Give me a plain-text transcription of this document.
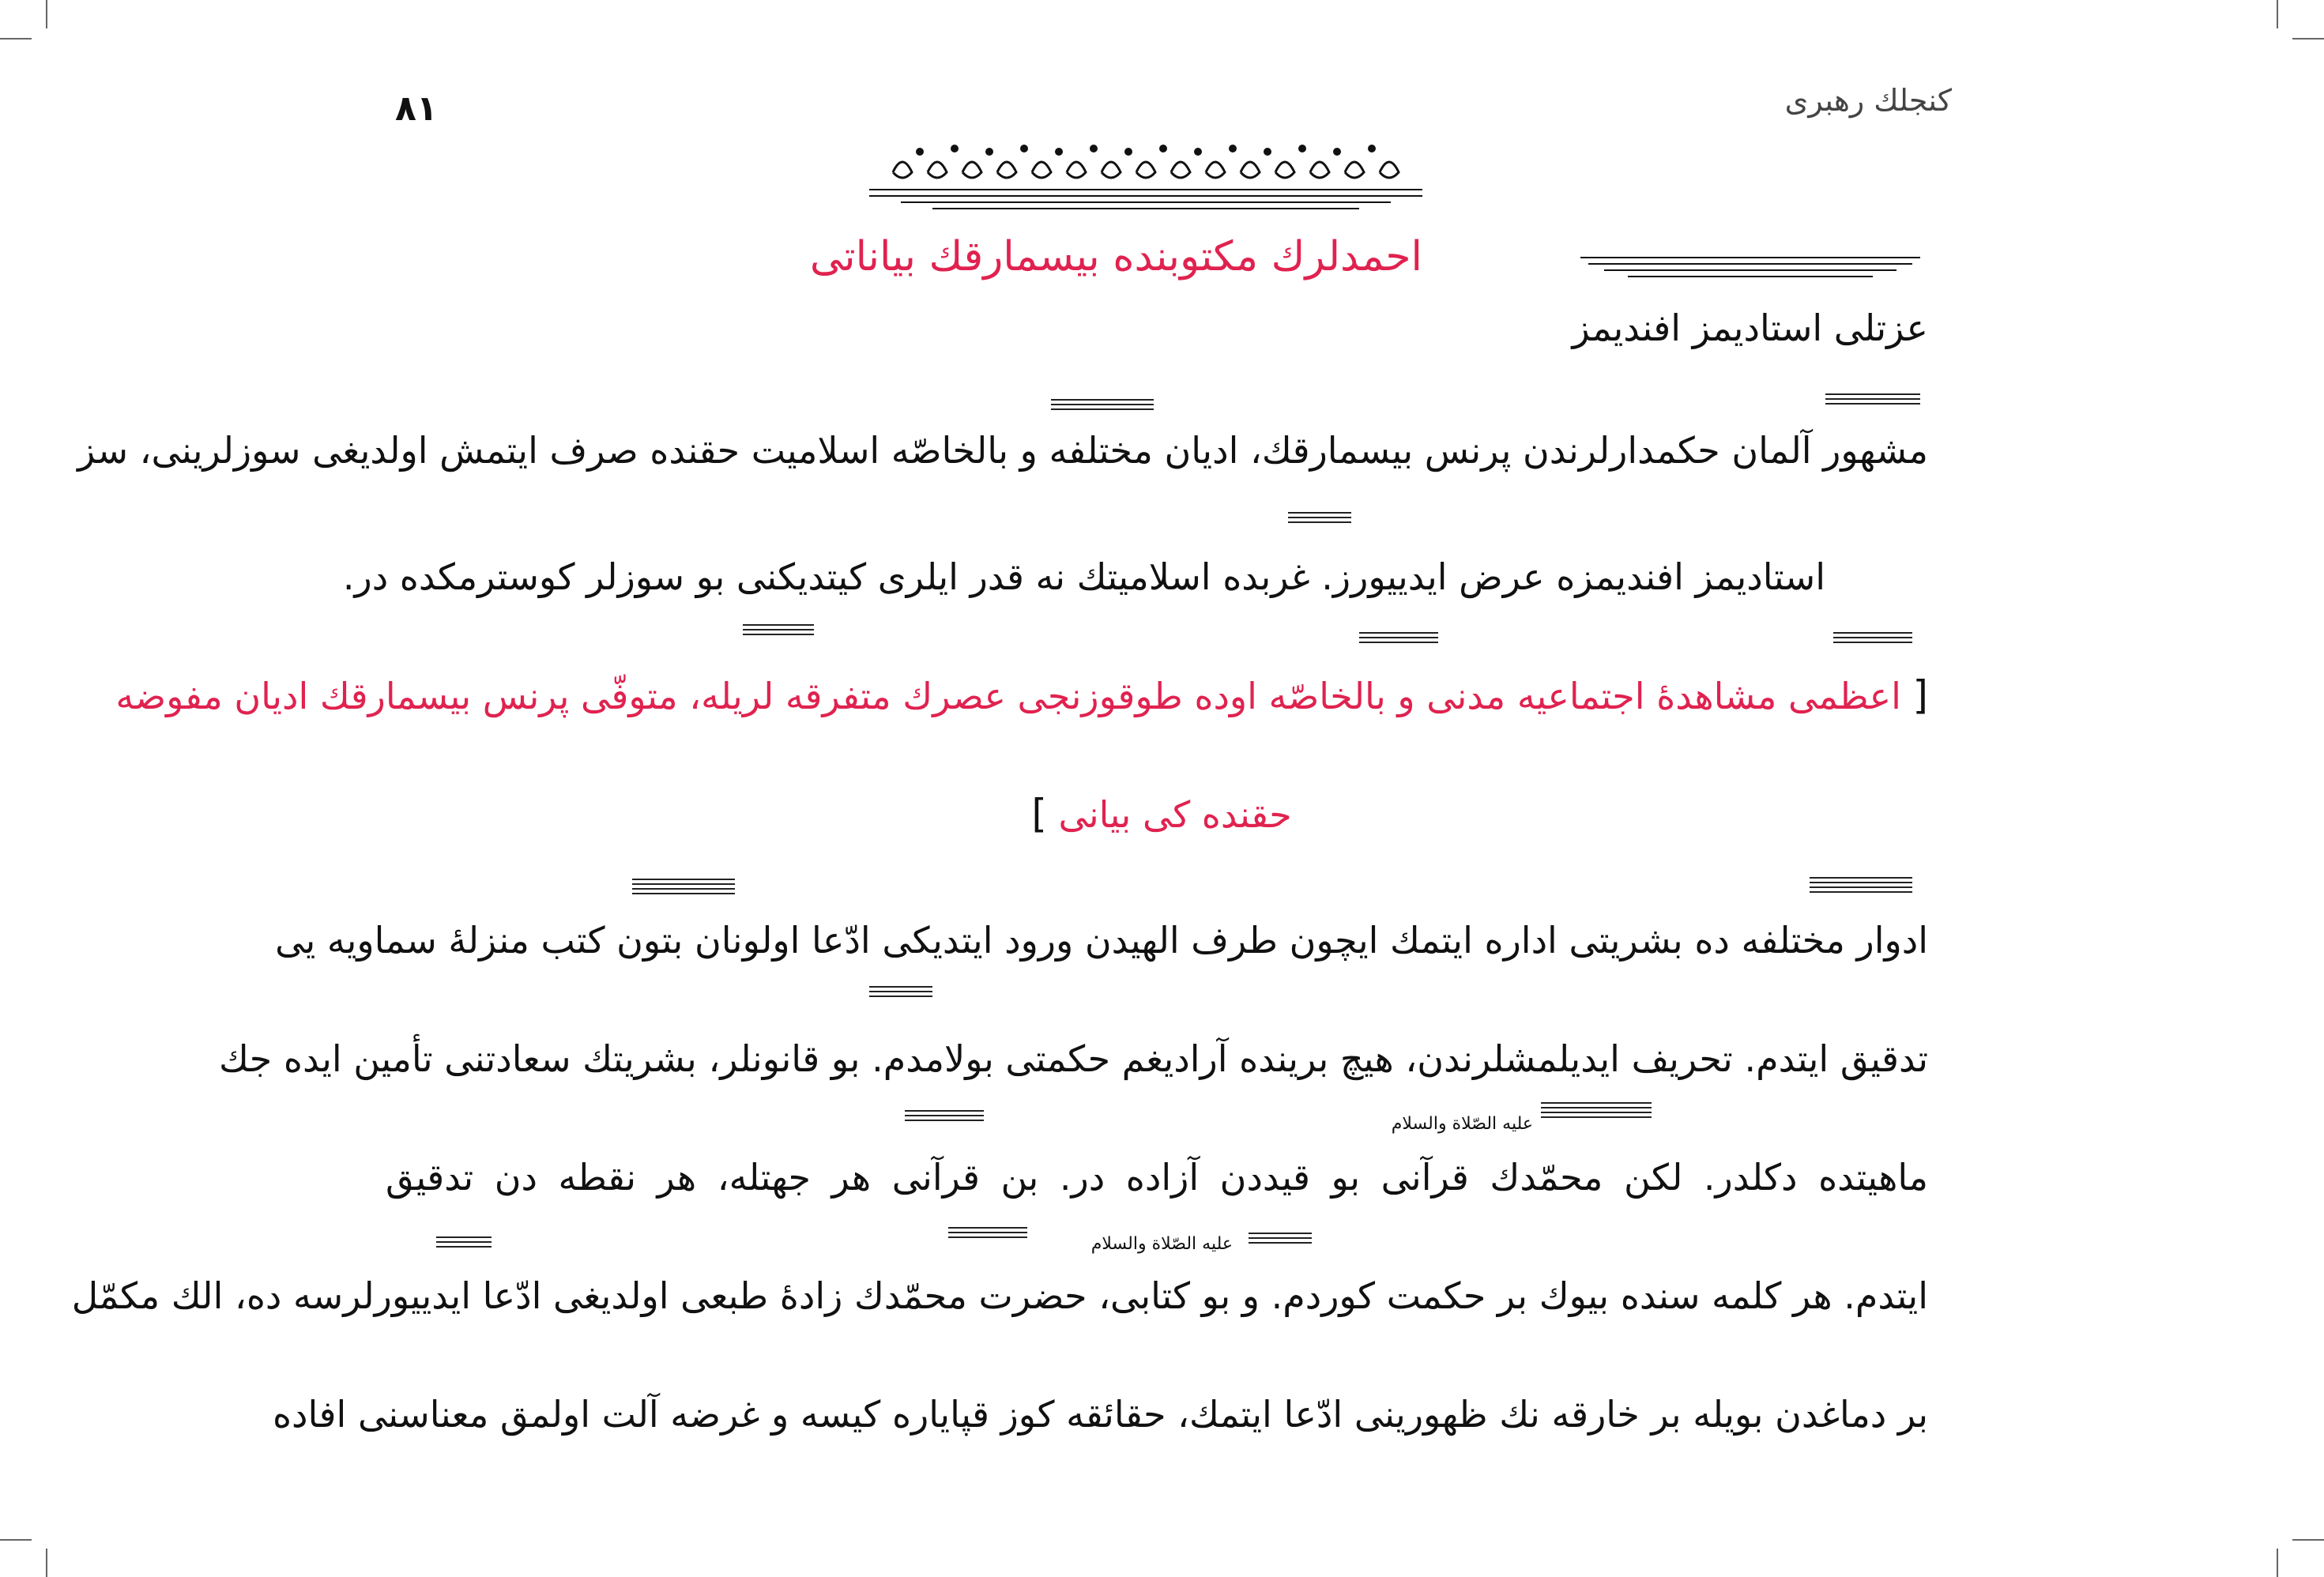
٨١	کنجلك رهبری
احمدلرك مكتوبنده بیسمارقك بیاناتی
عزتلی استادیمز افندیمز
مشهور آلمان حكمدارلرندن پرنس بیسمارقك، ادیان مختلفه و بالخاصّه اسلامیت حقنده صرف ایتمش اولدیغی سوزلرینی، سز
استادیمز افندیمزه عرض ایدییورز. غربده اسلامیتك نه قدر ایلری كیتدیكنی بو سوزلر كوسترمكده در.
[ اعظمی مشاهدهٔ اجتماعیه مدنی و بالخاصّه اوده طوقوزنجی عصرك متفرقه لریله، متوفّی پرنس بیسمارقك ادیان مفوضه
حقنده كی بیانی ]
ادوار مختلفه ده بشریتی اداره ایتمك ایچون طرف الهیدن ورود ایتدیكی ادّعا اولونان بتون كتب منزلهٔ سماویه یی
تدقیق ایتدم. تحریف ایدیلمشلرندن، هیچ برینده آرادیغم حكمتی بولامدم. بو قانونلر، بشریتك سعادتنی تأمین ایده جك
علیه الصّلاة والسلام
ماهیتده دكلدر. لكن محمّدك قرآنی بو قیددن آزاده در. بن قرآنی هر جهتله، هر نقطه دن تدقیق
علیه الصّلاة والسلام
ایتدم. هر كلمه سنده بیوك بر حكمت كوردم. و بو كتابی، حضرت محمّدك زادهٔ طبعی اولدیغی ادّعا ایدییورلرسه ده، الك مكمّل
بر دماغدن بویله بر خارقه نك ظهورینی ادّعا ایتمك، حقائقه كوز قپایاره كیسه و غرضه آلت اولمق معناسنی افاده
